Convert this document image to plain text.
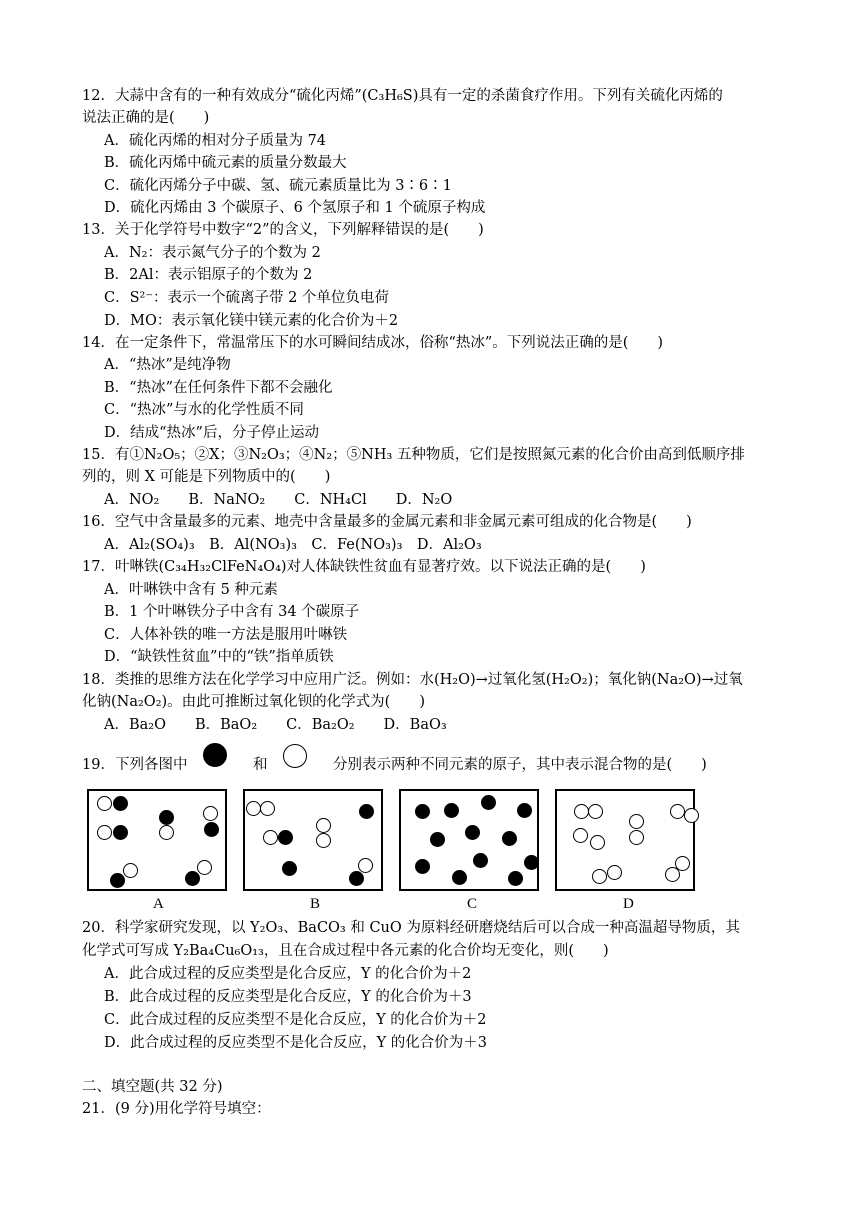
12．大蒜中含有的一种有效成分“硫化丙烯”(C₃H₆S)具有一定的杀菌食疗作用。下列有关硫化丙烯的
说法正确的是(　　)
A．硫化丙烯的相对分子质量为 74
B．硫化丙烯中硫元素的质量分数最大
C．硫化丙烯分子中碳、氢、硫元素质量比为 3∶6∶1
D．硫化丙烯由 3 个碳原子、6 个氢原子和 1 个硫原子构成
13．关于化学符号中数字“2”的含义，下列解释错误的是(　　)
A．N₂：表示氮气分子的个数为 2
B．2Al：表示铝原子的个数为 2
C．S²⁻：表示一个硫离子带 2 个单位负电荷
D．MO：表示氧化镁中镁元素的化合价为＋2
14．在一定条件下，常温常压下的水可瞬间结成冰，俗称“热冰”。下列说法正确的是(　　)
A．“热冰”是纯净物
B．“热冰”在任何条件下都不会融化
C．“热冰”与水的化学性质不同
D．结成“热冰”后，分子停止运动
15．有①N₂O₅；②X；③N₂O₃；④N₂；⑤NH₃ 五种物质，它们是按照氮元素的化合价由高到低顺序排
列的，则 X 可能是下列物质中的(　　)
A．NO₂　　B．NaNO₂　　C．NH₄Cl　　D．N₂O
16．空气中含量最多的元素、地壳中含量最多的金属元素和非金属元素可组成的化合物是(　　)
A．Al₂(SO₄)₃　B．Al(NO₃)₃　C．Fe(NO₃)₃　D．Al₂O₃
17．叶啉铁(C₃₄H₃₂ClFeN₄O₄)对人体缺铁性贫血有显著疗效。以下说法正确的是(　　)
A．叶啉铁中含有 5 种元素
B．1 个叶啉铁分子中含有 34 个碳原子
C．人体补铁的唯一方法是服用叶啉铁
D．“缺铁性贫血”中的“铁”指单质铁
18．类推的思维方法在化学学习中应用广泛。例如：水(H₂O)→过氧化氢(H₂O₂)；氧化钠(Na₂O)→过氧
化钠(Na₂O₂)。由此可推断过氧化钡的化学式为(　　)
A．Ba₂O　　B．BaO₂　　C．Ba₂O₂　　D．BaO₃
19．下列各图中	和	分别表示两种不同元素的原子，其中表示混合物的是(　　)
A	B	C	D
20．科学家研究发现，以 Y₂O₃、BaCO₃ 和 CuO 为原料经研磨烧结后可以合成一种高温超导物质，其
化学式可写成 Y₂Ba₄Cu₆O₁₃，且在合成过程中各元素的化合价均无变化，则(　　)
A．此合成过程的反应类型是化合反应，Y 的化合价为＋2
B．此合成过程的反应类型是化合反应，Y 的化合价为＋3
C．此合成过程的反应类型不是化合反应，Y 的化合价为＋2
D．此合成过程的反应类型不是化合反应，Y 的化合价为＋3
二、填空题(共 32 分)
21．(9 分)用化学符号填空：
